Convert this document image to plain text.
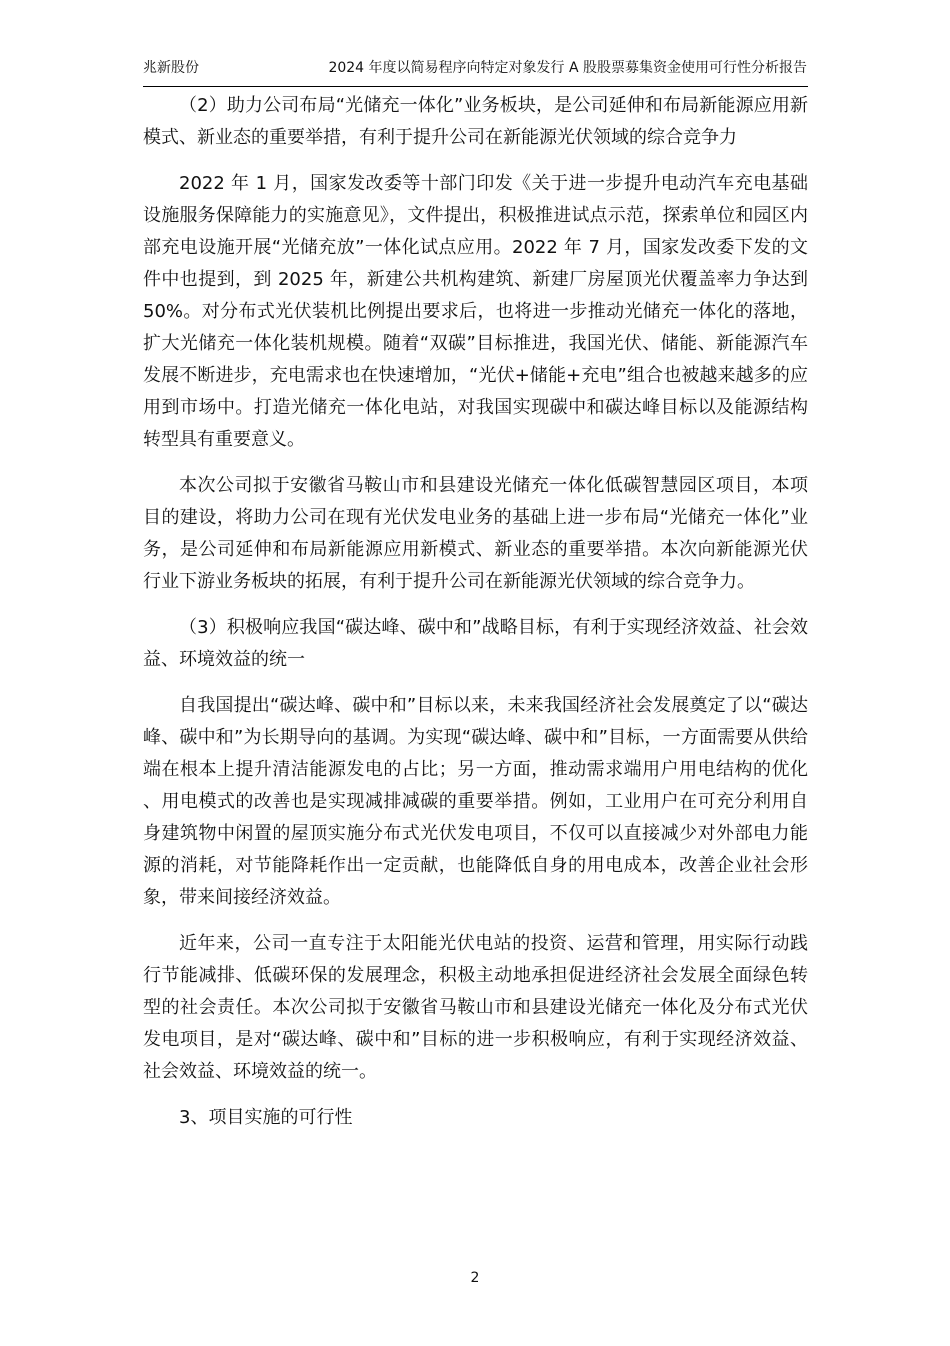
兆新股份	2024 年度以简易程序向特定对象发行 A 股股票募集资金使用可行性分析报告

（2）助力公司布局“光储充一体化”业务板块，是公司延伸和布局新能源应用新模式、新业态的重要举措，有利于提升公司在新能源光伏领域的综合竞争力

2022 年 1 月，国家发改委等十部门印发《关于进一步提升电动汽车充电基础设施服务保障能力的实施意见》，文件提出，积极推进试点示范，探索单位和园区内部充电设施开展“光储充放”一体化试点应用。2022 年 7 月，国家发改委下发的文件中也提到，到 2025 年，新建公共机构建筑、新建厂房屋顶光伏覆盖率力争达到 50%。对分布式光伏装机比例提出要求后，也将进一步推动光储充一体化的落地，扩大光储充一体化装机规模。随着“双碳”目标推进，我国光伏、储能、新能源汽车发展不断进步，充电需求也在快速增加，“光伏+储能+充电”组合也被越来越多的应用到市场中。打造光储充一体化电站，对我国实现碳中和碳达峰目标以及能源结构转型具有重要意义。

本次公司拟于安徽省马鞍山市和县建设光储充一体化低碳智慧园区项目，本项目的建设，将助力公司在现有光伏发电业务的基础上进一步布局“光储充一体化”业务，是公司延伸和布局新能源应用新模式、新业态的重要举措。本次向新能源光伏行业下游业务板块的拓展，有利于提升公司在新能源光伏领域的综合竞争力。

（3）积极响应我国“碳达峰、碳中和”战略目标，有利于实现经济效益、社会效益、环境效益的统一

自我国提出“碳达峰、碳中和”目标以来，未来我国经济社会发展奠定了以“碳达峰、碳中和”为长期导向的基调。为实现“碳达峰、碳中和”目标，一方面需要从供给端在根本上提升清洁能源发电的占比；另一方面，推动需求端用户用电结构的优化、用电模式的改善也是实现减排减碳的重要举措。例如，工业用户在可充分利用自身建筑物中闲置的屋顶实施分布式光伏发电项目，不仅可以直接减少对外部电力能源的消耗，对节能降耗作出一定贡献，也能降低自身的用电成本，改善企业社会形象，带来间接经济效益。

近年来，公司一直专注于太阳能光伏电站的投资、运营和管理，用实际行动践行节能减排、低碳环保的发展理念，积极主动地承担促进经济社会发展全面绿色转型的社会责任。本次公司拟于安徽省马鞍山市和县建设光储充一体化及分布式光伏发电项目，是对“碳达峰、碳中和”目标的进一步积极响应，有利于实现经济效益、社会效益、环境效益的统一。

3、项目实施的可行性

2
